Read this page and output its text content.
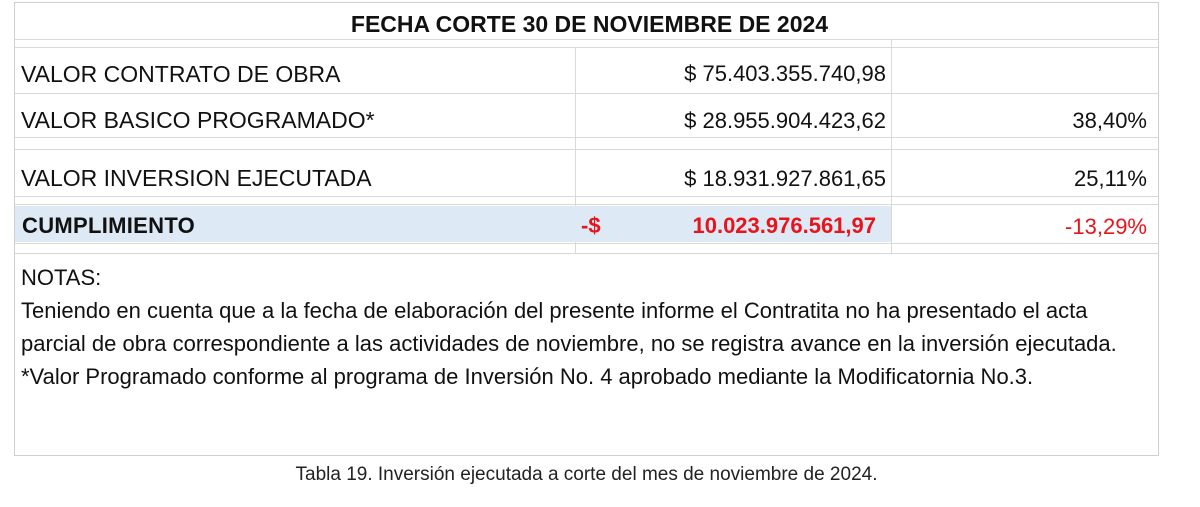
FECHA CORTE 30 DE NOVIEMBRE DE 2024
VALOR CONTRATO DE OBRA	$ 75.403.355.740,98
VALOR BASICO PROGRAMADO*	$ 28.955.904.423,62	38,40%
VALOR INVERSION EJECUTADA	$ 18.931.927.861,65	25,11%
CUMPLIMIENTO	-$	10.023.976.561,97	-13,29%

NOTAS:

Teniendo en cuenta que a la fecha de elaboración del presente informe el Contratita no ha presentado el acta parcial de obra correspondiente a las actividades de noviembre, no se registra avance en la inversión ejecutada.

*Valor Programado conforme al programa de Inversión No. 4 aprobado mediante la Modificatornia No.3.

Tabla 19. Inversión ejecutada a corte del mes de noviembre de 2024.
